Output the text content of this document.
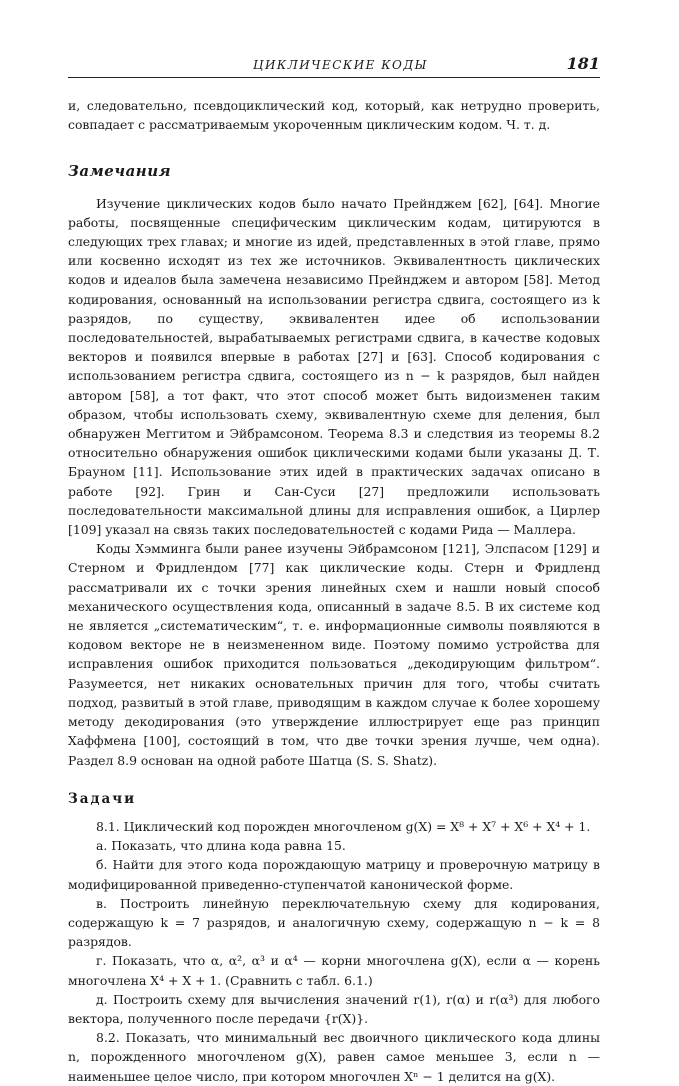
ЦИКЛИЧЕСКИЕ КОДЫ	181

и, следовательно, псевдоциклический код, который, как нетрудно проверить, совпадает с рассматриваемым укороченным циклическим кодом. Ч. т. д.

Замечания

Изучение циклических кодов было начато Прейнджем [62], [64]. Многие работы, посвященные специфическим циклическим кодам, цитируются в следующих трех главах; и многие из идей, представленных в этой главе, прямо или косвенно исходят из тех же источников. Эквивалентность циклических кодов и идеалов была замечена независимо Прейнджем и автором [58]. Метод кодирования, основанный на использовании регистра сдвига, состоящего из k разрядов, по существу, эквивалентен идее об использовании последовательностей, вырабатываемых регистрами сдвига, в качестве кодовых векторов и появился впервые в работах [27] и [63]. Способ кодирования с использованием регистра сдвига, состоящего из n − k разрядов, был найден автором [58], а тот факт, что этот способ может быть видоизменен таким образом, чтобы использовать схему, эквивалентную схеме для деления, был обнаружен Меггитом и Эйбрамсоном. Теорема 8.3 и следствия из теоремы 8.2 относительно обнаружения ошибок циклическими кодами были указаны Д. Т. Брауном [11]. Использование этих идей в практических задачах описано в работе [92]. Грин и Сан-Суси [27] предложили использовать последовательности максимальной длины для исправления ошибок, а Цирлер [109] указал на связь таких последовательностей с кодами Рида — Маллера.

Коды Хэмминга были ранее изучены Эйбрамсоном [121], Элспасом [129] и Стерном и Фридлендом [77] как циклические коды. Стерн и Фридленд рассматривали их с точки зрения линейных схем и нашли новый способ механического осуществления кода, описанный в задаче 8.5. В их системе код не является „систематическим“, т. е. информационные символы появляются в кодовом векторе не в неизмененном виде. Поэтому помимо устройства для исправления ошибок приходится пользоваться „декодирующим фильтром“. Разумеется, нет никаких основательных причин для того, чтобы считать подход, развитый в этой главе, приводящим в каждом случае к более хорошему методу декодирования (это утверждение иллюстрирует еще раз принцип Хаффмена [100], состоящий в том, что две точки зрения лучше, чем одна). Раздел 8.9 основан на одной работе Шатца (S. S. Shatz).

Задачи

8.1. Циклический код порожден многочленом g(X) = X⁸ + X⁷ + X⁶ + X⁴ + 1.

а. Показать, что длина кода равна 15.

б. Найти для этого кода порождающую матрицу и проверочную матрицу в модифицированной приведенно-ступенчатой канонической форме.

в. Построить линейную переключательную схему для кодирования, содержащую k = 7 разрядов, и аналогичную схему, содержащую n − k = 8 разрядов.

г. Показать, что α, α², α³ и α⁴ — корни многочлена g(X), если α — корень многочлена X⁴ + X + 1. (Сравнить с табл. 6.1.)

д. Построить схему для вычисления значений r(1), r(α) и r(α³) для любого вектора, полученного после передачи {r(X)}.

8.2. Показать, что минимальный вес двоичного циклического кода длины n, порожденного многочленом g(X), равен самое меньшее 3, если n — наименьшее целое число, при котором многочлен Xⁿ − 1 делится на g(X).
